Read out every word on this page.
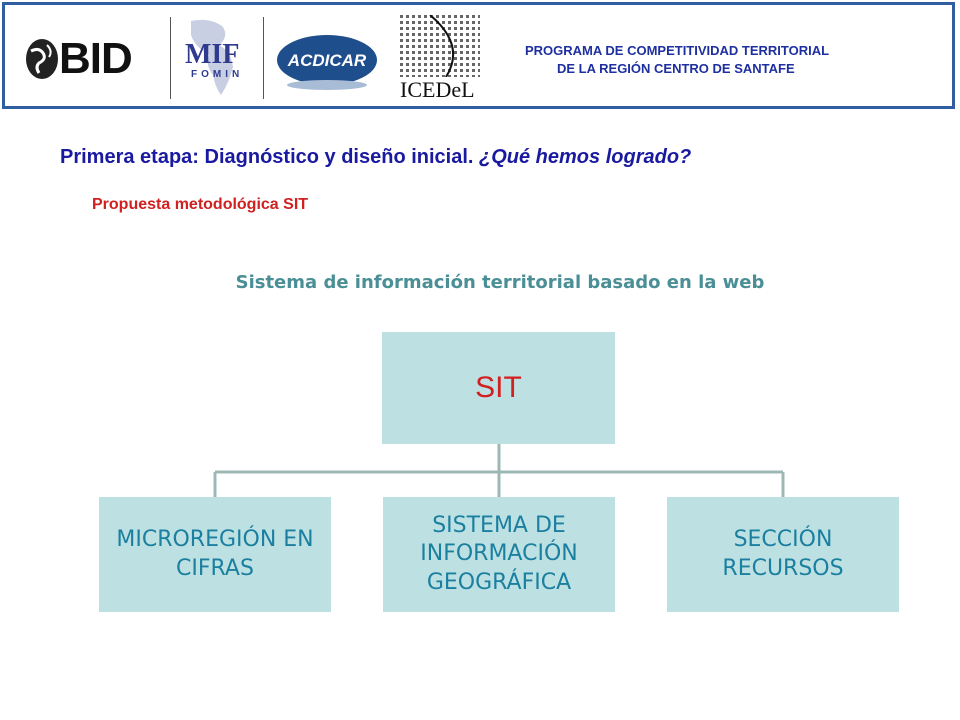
BID MIF
FOMIN
ACDICAR
ICEDeL
PROGRAMA DE COMPETITIVIDAD TERRITORIAL
DE LA REGIÓN CENTRO DE SANTAFE
Primera etapa: Diagnóstico y diseño inicial. ¿Qué hemos logrado?
Propuesta metodológica SIT
Sistema de información territorial basado en la web
SIT
MICROREGIÓN EN CIFRAS
SISTEMA DE INFORMACIÓN GEOGRÁFICA
SECCIÓN RECURSOS
